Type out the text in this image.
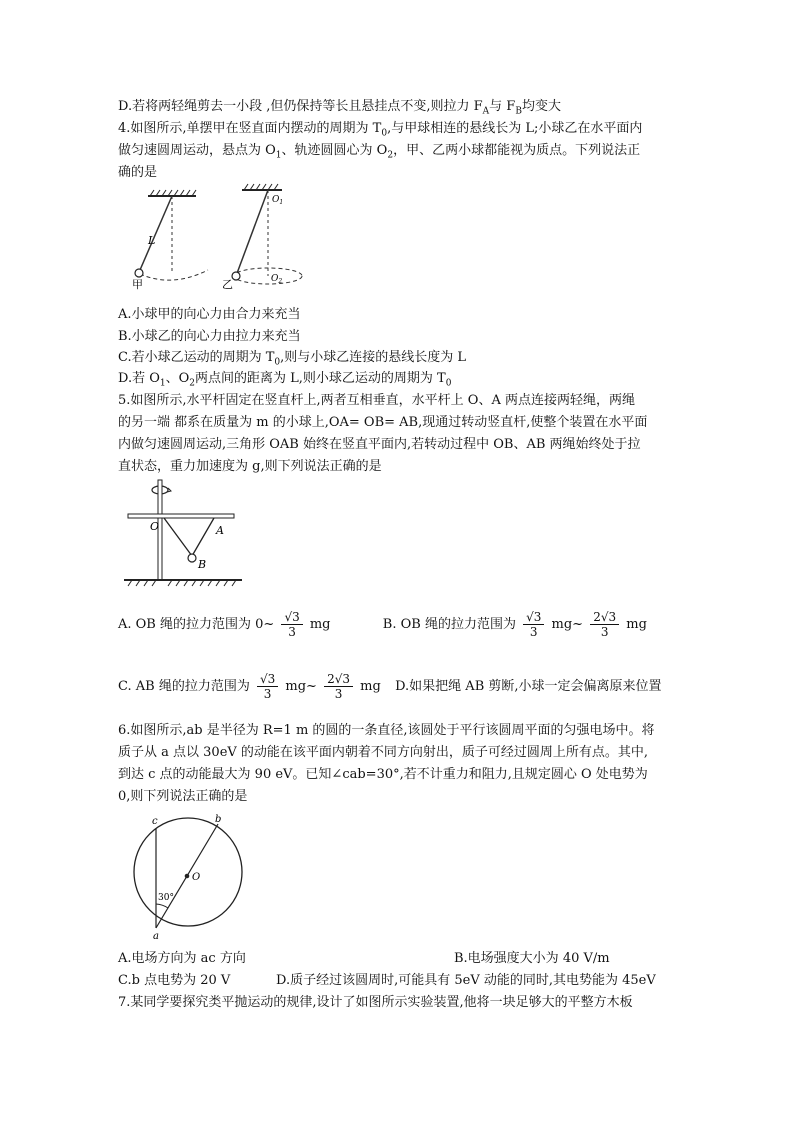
D.若将两轻绳剪去一小段 ,但仍保持等长且悬挂点不变,则拉力 $F_A$与 $F_B$均变大
4.如图所示,单摆甲在竖直面内摆动的周期为 $T_0$,与甲球相连的悬线长为 L;小球乙在水平面内
做匀速圆周运动，悬点为 $O_1$、轨迹圆圆心为 $O_2$，甲、乙两小球都能视为质点。下列说法正
确的是
L
甲
$O_1$
$O_2$
乙
A.小球甲的向心力由合力来充当
B.小球乙的向心力由拉力来充当
C.若小球乙运动的周期为 $T_0$,则与小球乙连接的悬线长度为 L
D.若 $O_1$、$O_2$两点间的距离为 L,则小球乙运动的周期为 $T_0$
5.如图所示,水平杆固定在竖直杆上,两者互相垂直，水平杆上 O、A 两点连接两轻绳，两绳
的另一端 都系在质量为 m 的小球上,OA= OB= AB,现通过转动竖直杆,使整个装置在水平面
内做匀速圆周运动,三角形 OAB 始终在竖直平面内,若转动过程中 OB、AB 两绳始终处于拉
直状态，重力加速度为 g,则下列说法正确的是
O	A
B
A. OB 绳的拉力范围为 0~ $\frac{√3}{3}$ mg	B. OB 绳的拉力范围为 $\frac{√3}{3}$ mg~ $\frac{2√3}{3}$ mg
C. AB 绳的拉力范围为 $\frac{√3}{3}$ mg~ $\frac{2√3}{3}$ mg D.如果把绳 AB 剪断,小球一定会偏离原来位置
6.如图所示,ab 是半径为 R=1 m 的圆的一条直径,该圆处于平行该圆周平面的匀强电场中。将
质子从 a 点以 30eV 的动能在该平面内朝着不同方向射出，质子可经过圆周上所有点。其中,
到达 c 点的动能最大为 90 eV。已知∠cab=30°,若不计重力和阻力,且规定圆心 O 处电势为
0,则下列说法正确的是
c	b
O
30°
a
A.电场方向为 ac 方向	B.电场强度大小为 40 V/m
C.b 点电势为 20 V	D.质子经过该圆周时,可能具有 5eV 动能的同时,其电势能为 45eV
7.某同学要探究类平抛运动的规律,设计了如图所示实验装置,他将一块足够大的平整方木板
